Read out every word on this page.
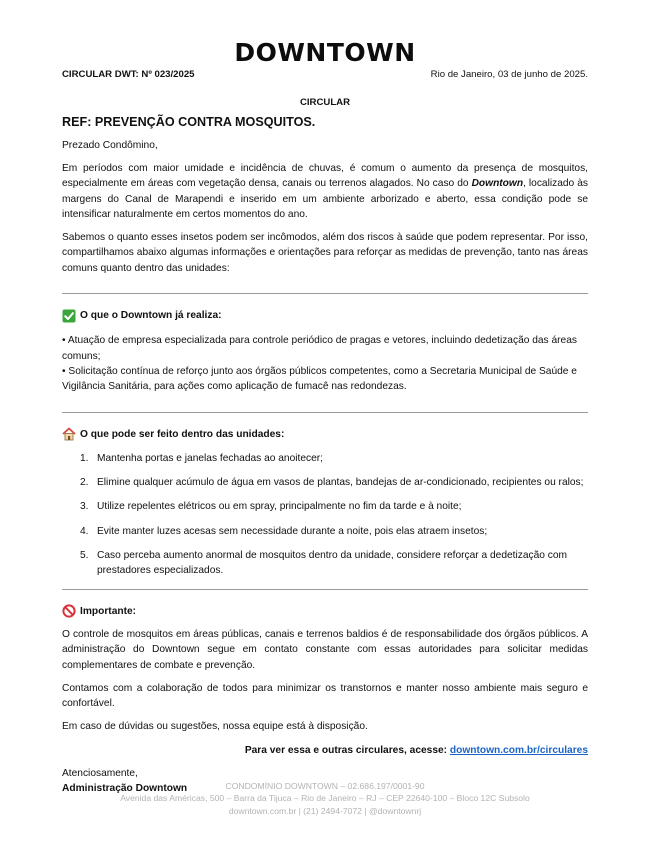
DOWNTOWN
CIRCULAR DWT: Nº 023/2025	Rio de Janeiro, 03 de junho de 2025.
CIRCULAR
REF: PREVENÇÃO CONTRA MOSQUITOS.

Prezado Condômino,

Em períodos com maior umidade e incidência de chuvas, é comum o aumento da presença de mosquitos, especialmente em áreas com vegetação densa, canais ou terrenos alagados. No caso do Downtown, localizado às margens do Canal de Marapendi e inserido em um ambiente arborizado e aberto, essa condição pode se intensificar naturalmente em certos momentos do ano.

Sabemos o quanto esses insetos podem ser incômodos, além dos riscos à saúde que podem representar. Por isso, compartilhamos abaixo algumas informações e orientações para reforçar as medidas de prevenção, tanto nas áreas comuns quanto dentro das unidades:

O que o Downtown já realiza:
• Atuação de empresa especializada para controle periódico de pragas e vetores, incluindo dedetização das áreas comuns;
• Solicitação contínua de reforço junto aos órgãos públicos competentes, como a Secretaria Municipal de Saúde e Vigilância Sanitária, para ações como aplicação de fumacê nas redondezas.
O que pode ser feito dentro das unidades:
1. Mantenha portas e janelas fechadas ao anoitecer;
2. Elimine qualquer acúmulo de água em vasos de plantas, bandejas de ar-condicionado, recipientes ou ralos;
3. Utilize repelentes elétricos ou em spray, principalmente no fim da tarde e à noite;
4. Evite manter luzes acesas sem necessidade durante a noite, pois elas atraem insetos;
5. Caso perceba aumento anormal de mosquitos dentro da unidade, considere reforçar a dedetização com prestadores especializados.
Importante:

O controle de mosquitos em áreas públicas, canais e terrenos baldios é de responsabilidade dos órgãos públicos. A administração do Downtown segue em contato constante com essas autoridades para solicitar medidas complementares de combate e prevenção.

Contamos com a colaboração de todos para minimizar os transtornos e manter nosso ambiente mais seguro e confortável.

Em caso de dúvidas ou sugestões, nossa equipe está à disposição.

Para ver essa e outras circulares, acesse: downtown.com.br/circulares
Atenciosamente,
Administração Downtown	CONDOMÍNIO DOWNTOWN – 02.686.197/0001-90
Avenida das Américas, 500 – Barra da Tijuca – Rio de Janeiro – RJ – CEP 22640-100 – Bloco 12C Subsolo
downtown.com.br | (21) 2494-7072 | @downtownrj
